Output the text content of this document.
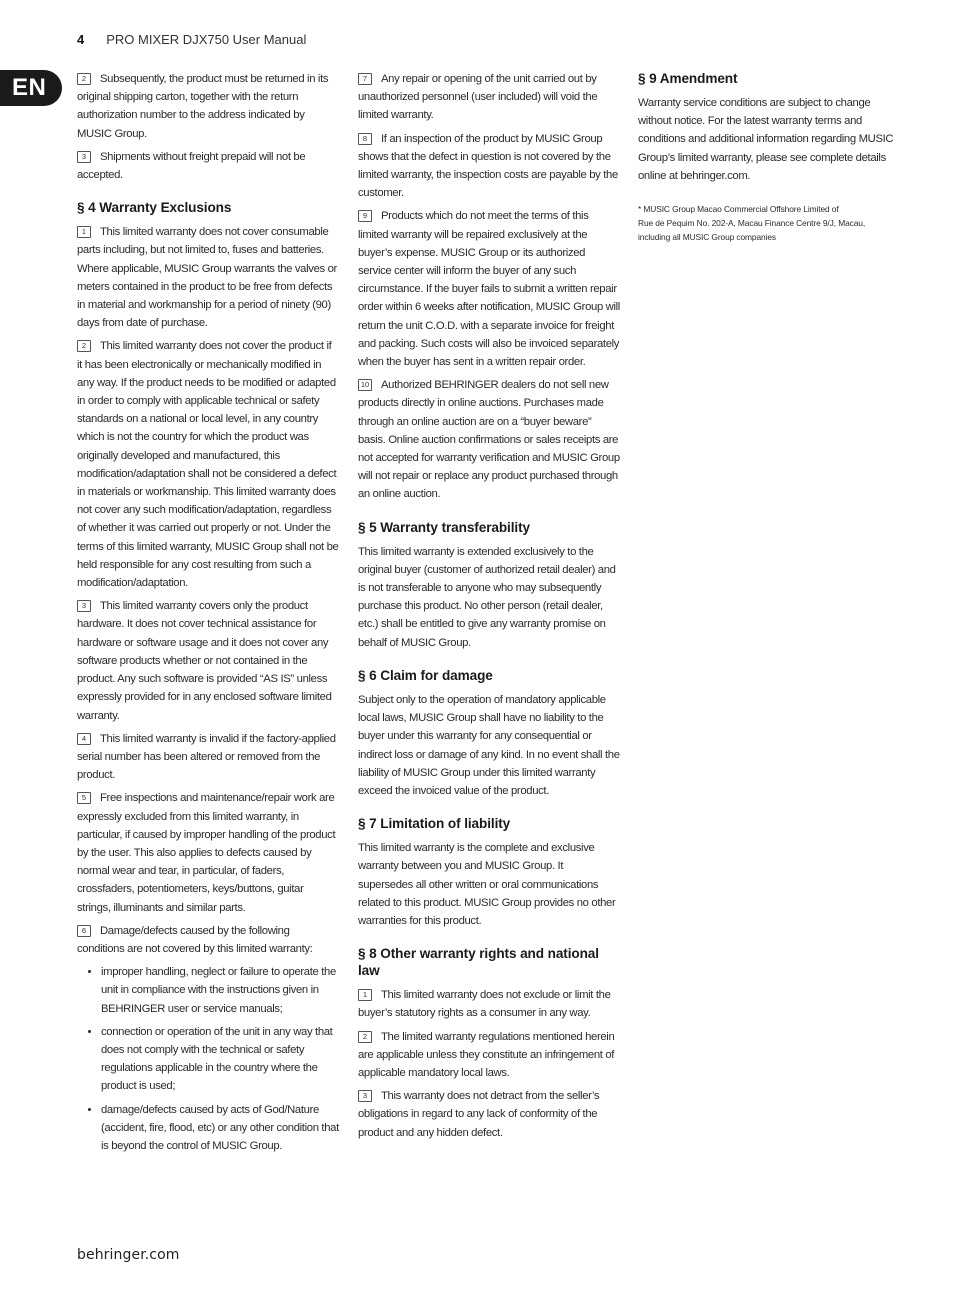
4 PRO MIXER DJX750 User Manual
EN	2 Subsequently, the product must be returned in its original shipping carton, together with the return authorization number to the address indicated by MUSIC Group.

3 Shipments without freight prepaid will not be accepted.

§ 4 Warranty Exclusions

1 This limited warranty does not cover consumable parts including, but not limited to, fuses and batteries. Where applicable, MUSIC Group warrants the valves or meters contained in the product to be free from defects in material and workmanship for a period of ninety (90) days from date of purchase.

2 This limited warranty does not cover the product if it has been electronically or mechanically modified in any way. If the product needs to be modified or adapted in order to comply with applicable technical or safety standards on a national or local level, in any country which is not the country for which the product was originally developed and manufactured, this modification/adaptation shall not be considered a defect in materials or workmanship. This limited warranty does not cover any such modification/adaptation, regardless of whether it was carried out properly or not. Under the terms of this limited warranty, MUSIC Group shall not be held responsible for any cost resulting from such a modification/adaptation.

3 This limited warranty covers only the product hardware. It does not cover technical assistance for hardware or software usage and it does not cover any software products whether or not contained in the product. Any such software is provided “AS IS” unless expressly provided for in any enclosed software limited warranty.

4 This limited warranty is invalid if the factory-applied serial number has been altered or removed from the product.

5 Free inspections and maintenance/repair work are expressly excluded from this limited warranty, in particular, if caused by improper handling of the product by the user. This also applies to defects caused by normal wear and tear, in particular, of faders, crossfaders, potentiometers, keys/buttons, guitar strings, illuminants and similar parts.

6 Damage/defects caused by the following conditions are not covered by this limited warranty:

• improper handling, neglect or failure to operate the unit in compliance with the instructions given in BEHRINGER user or service manuals;
• connection or operation of the unit in any way that does not comply with the technical or safety regulations applicable in the country where the product is used;
• damage/defects caused by acts of God/Nature (accident, fire, flood, etc) or any other condition that is beyond the control of MUSIC Group.

7 Any repair or opening of the unit carried out by unauthorized personnel (user included) will void the limited warranty.

8 If an inspection of the product by MUSIC Group shows that the defect in question is not covered by the limited warranty, the inspection costs are payable by the customer.

9 Products which do not meet the terms of this limited warranty will be repaired exclusively at the buyer’s expense. MUSIC Group or its authorized service center will inform the buyer of any such circumstance. If the buyer fails to submit a written repair order within 6 weeks after notification, MUSIC Group will return the unit C.O.D. with a separate invoice for freight and packing. Such costs will also be invoiced separately when the buyer has sent in a written repair order.

10 Authorized BEHRINGER dealers do not sell new products directly in online auctions. Purchases made through an online auction are on a “buyer beware” basis. Online auction confirmations or sales receipts are not accepted for warranty verification and MUSIC Group will not repair or replace any product purchased through an online auction.

§ 5 Warranty transferability

This limited warranty is extended exclusively to the original buyer (customer of authorized retail dealer) and is not transferable to anyone who may subsequently purchase this product. No other person (retail dealer, etc.) shall be entitled to give any warranty promise on behalf of MUSIC Group.

§ 6 Claim for damage

Subject only to the operation of mandatory applicable local laws, MUSIC Group shall have no liability to the buyer under this warranty for any consequential or indirect loss or damage of any kind. In no event shall the liability of MUSIC Group under this limited warranty exceed the invoiced value of the product.

§ 7 Limitation of liability

This limited warranty is the complete and exclusive warranty between you and MUSIC Group. It supersedes all other written or oral communications related to this product. MUSIC Group provides no other warranties for this product.

§ 8 Other warranty rights and national law

1 This limited warranty does not exclude or limit the buyer’s statutory rights as a consumer in any way.

2 The limited warranty regulations mentioned herein are applicable unless they constitute an infringement of applicable mandatory local laws.

3 This warranty does not detract from the seller’s obligations in regard to any lack of conformity of the product and any hidden defect.

§ 9 Amendment

Warranty service conditions are subject to change without notice. For the latest warranty terms and conditions and additional information regarding MUSIC Group’s limited warranty, please see complete details online at behringer.com.

* MUSIC Group Macao Commercial Offshore Limited of
Rue de Pequim No. 202-A, Macau Finance Centre 9/J, Macau,
including all MUSIC Group companies

behringer.com
